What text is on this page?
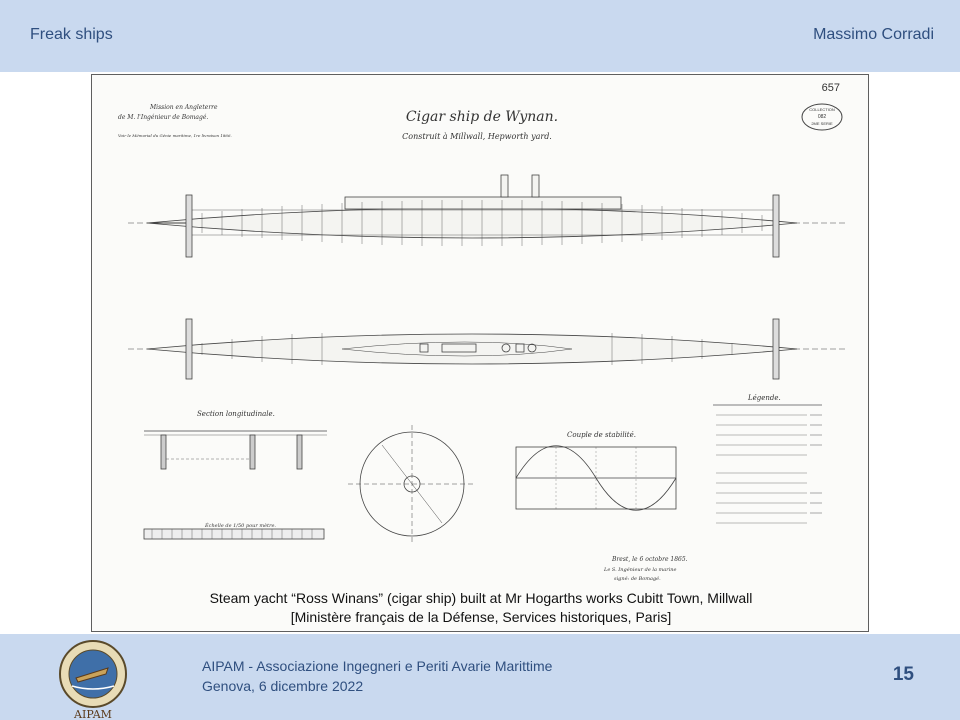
Freak ships	Massimo Corradi
657
COLLECTION
082
2ME SERIE
Cigar ship de Wynan.
Construit à Millwall, Hepworth yard.
Mission en Angleterre
de M. l'Ingénieur de Bomagé.
Voir le Mémorial du Génie maritime, 1re livraison 1866.
Section longitudinale.
Échelle de 1/50 pour mètre.
Couple de stabilité.
Légende.
Brest, le 6 octobre 1865.
Le S. Ingénieur de la marine
signé: de Bomagé.
Steam yacht “Ross Winans” (cigar ship) built at Mr Hogarths works Cubitt Town, Millwall
[Ministère français de la Défense, Services historiques, Paris]
AIPAM
AIPAM - Associazione Ingegneri e Periti Avarie Marittime
Genova, 6 dicembre 2022
15
